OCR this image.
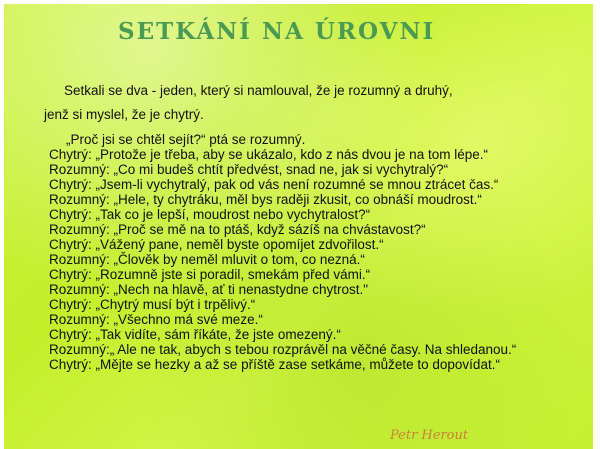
SETKÁNÍ NA ÚROVNI

Setkali se dva - jeden, který si namlouval, že je rozumný a druhý,
jenž si myslel, že je chytrý.

„Proč jsi se chtěl sejít?“ ptá se rozumný.
Chytrý: „Protože je třeba, aby se ukázalo, kdo z nás dvou je na tom lépe.“
Rozumný: „Co mi budeš chtít předvést, snad ne, jak si vychytralý?“
Chytrý: „Jsem-li vychytralý, pak od vás není rozumné se mnou ztrácet čas.“
Rozumný: „Hele, ty chytráku, měl bys raději zkusit, co obnáší moudrost.“
Chytrý: „Tak co je lepší, moudrost nebo vychytralost?“
Rozumný: „Proč se mě na to ptáš, když sázíš na chvástavost?“
Chytrý: „Vážený pane, neměl byste opomíjet zdvořilost.“
Rozumný: „Člověk by neměl mluvit o tom, co nezná.“
Chytrý: „Rozumně jste si poradil, smekám před vámi.“
Rozumný: „Nech na hlavě, ať ti nenastydne chytrost."
Chytrý: „Chytrý musí být i trpělivý.“
Rozumný: „Všechno má své meze.“
Chytrý: „Tak vidíte, sám říkáte, že jste omezený.“
Rozumný:„ Ale ne tak, abych s tebou rozprávěl na věčné časy. Na shledanou.“
Chytrý: „Mějte se hezky a až se příště zase setkáme, můžete to dopovídat.“

Petr Herout
